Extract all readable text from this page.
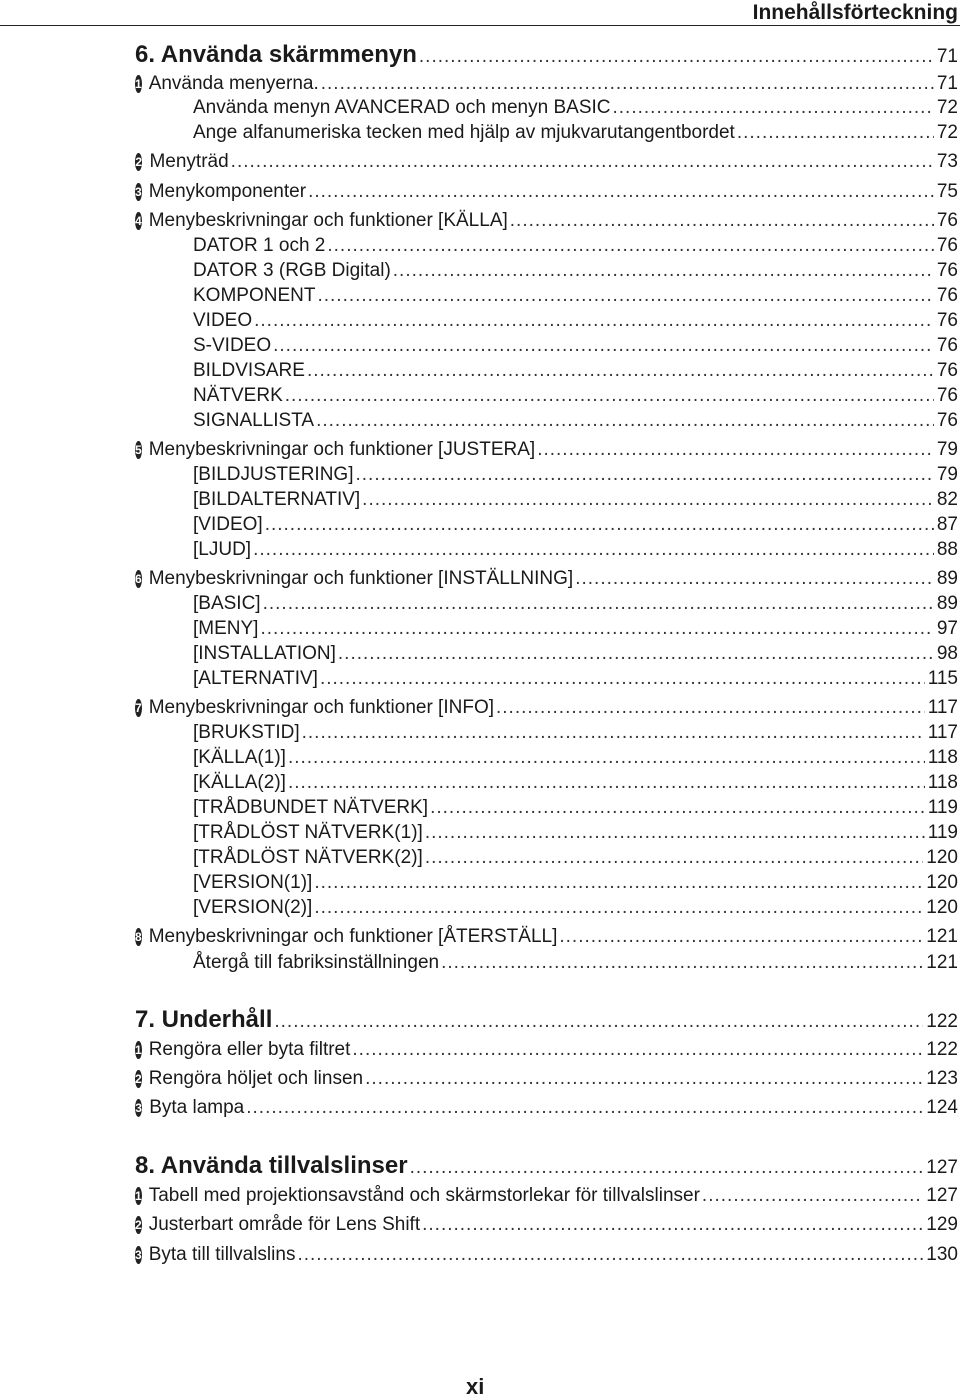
Innehållsförteckning
6. Använda skärmmenyn .....	71
1 Använda menyerna. .....	71
Använda menyn AVANCERAD och menyn BASIC .....	72
Ange alfanumeriska tecken med hjälp av mjukvarutangentbordet .....	72
2 Menyträd .....	73
3 Menykomponenter .....	75
4 Menybeskrivningar och funktioner [KÄLLA] .....	76
DATOR 1 och 2 .....	76
DATOR 3 (RGB Digital) .....	76
KOMPONENT .....	76
VIDEO .....	76
S-VIDEO .....	76
BILDVISARE .....	76
NÄTVERK .....	76
SIGNALLISTA .....	76
5 Menybeskrivningar och funktioner [JUSTERA] .....	79
[BILDJUSTERING] .....	79
[BILDALTERNATIV] .....	82
[VIDEO] .....	87
[LJUD] .....	88
6 Menybeskrivningar och funktioner [INSTÄLLNING] .....	89
[BASIC] .....	89
[MENY] .....	97
[INSTALLATION] .....	98
[ALTERNATIV] .....	115
7 Menybeskrivningar och funktioner [INFO] .....	117
[BRUKSTID] .....	117
[KÄLLA(1)] .....	118
[KÄLLA(2)] .....	118
[TRÅDBUNDET NÄTVERK] .....	119
[TRÅDLÖST NÄTVERK(1)] .....	119
[TRÅDLÖST NÄTVERK(2)] .....	120
[VERSION(1)] .....	120
[VERSION(2)] .....	120
8 Menybeskrivningar och funktioner [ÅTERSTÄLL] .....	121
Återgå till fabriksinställningen .....	121
7. Underhåll .....	122
1 Rengöra eller byta filtret .....	122
2 Rengöra höljet och linsen .....	123
3 Byta lampa .....	124
8. Använda tillvalslinser .....	127
1 Tabell med projektionsavstånd och skärmstorlekar för tillvalslinser .....	127
2 Justerbart område för Lens Shift .....	129
3 Byta till tillvalslins .....	130
xi
